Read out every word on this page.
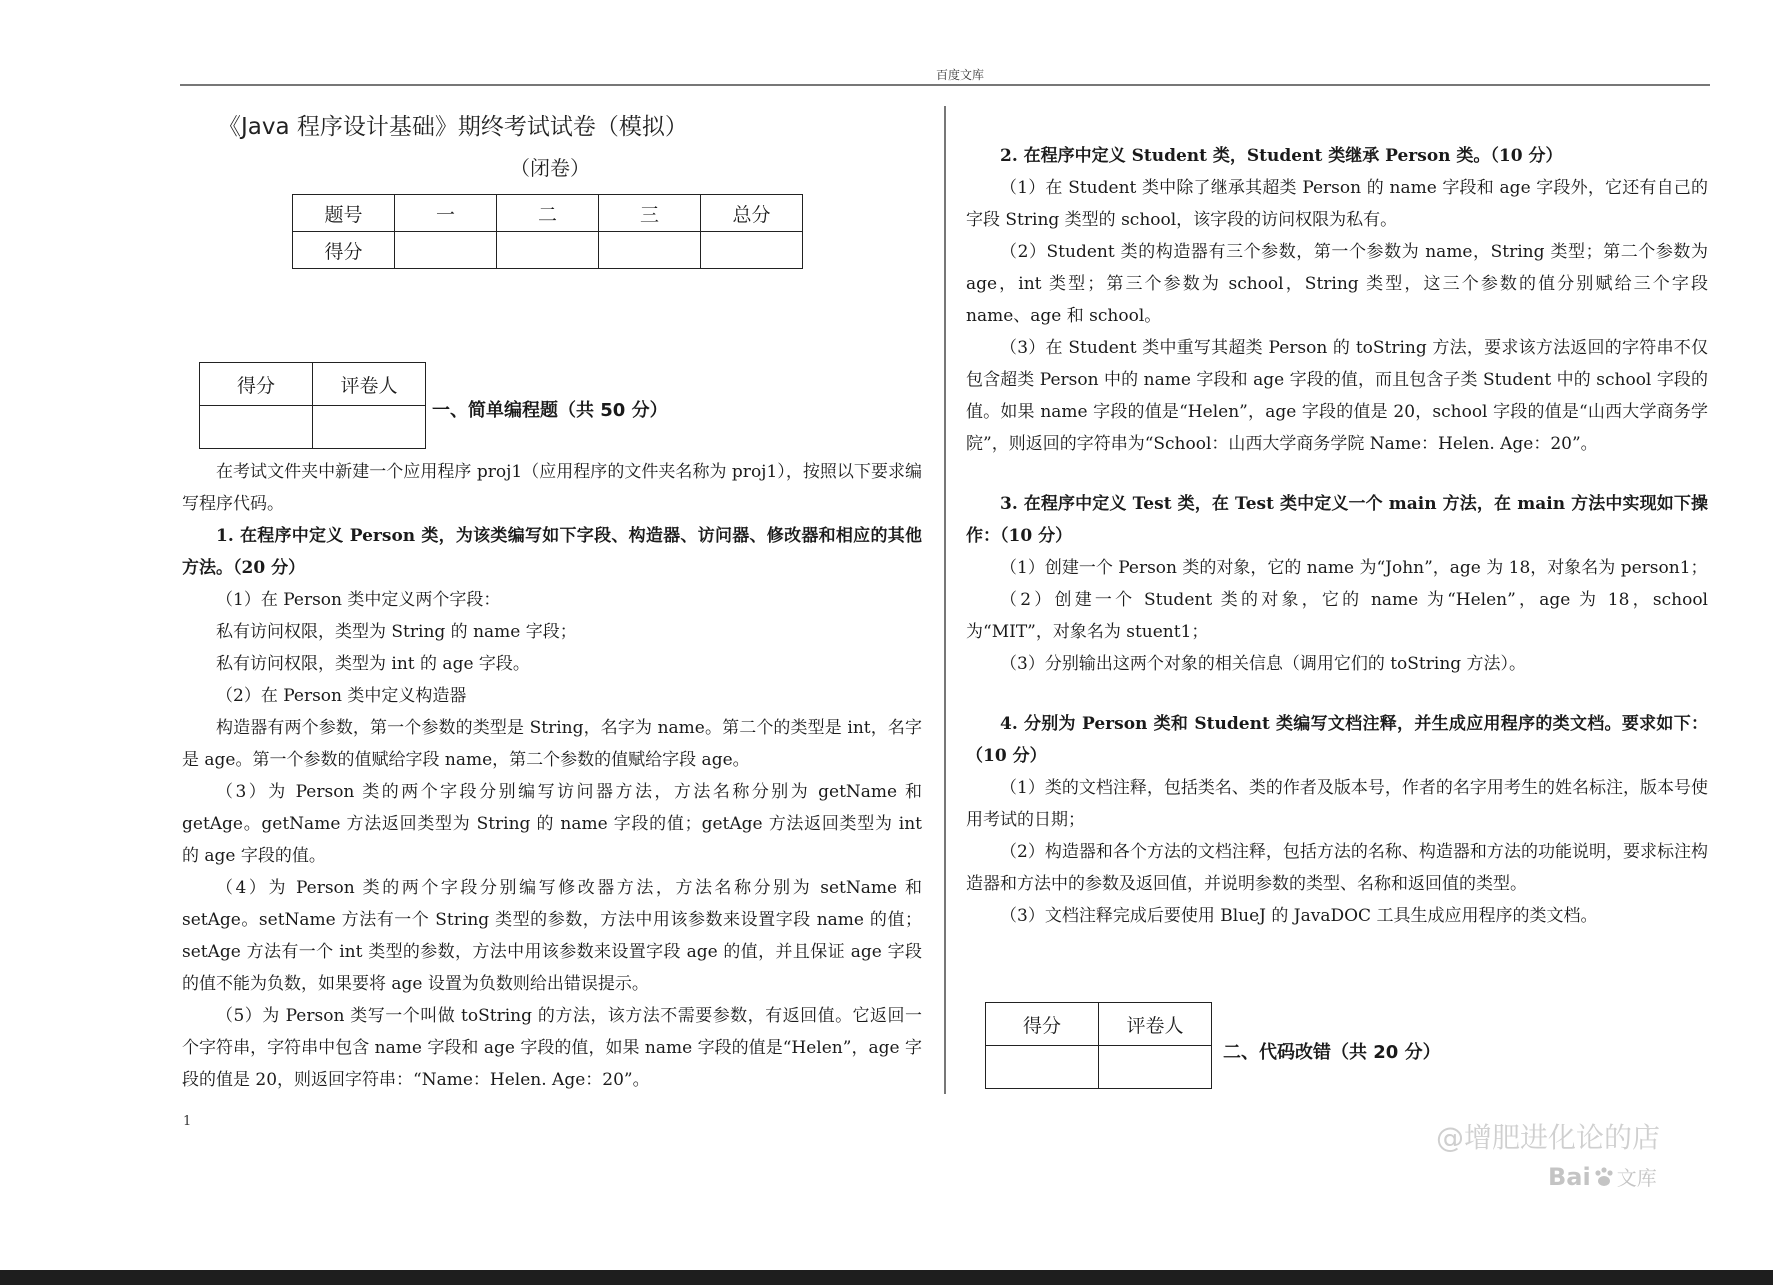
百度文库
《Java 程序设计基础》期终考试试卷（模拟）
（闭卷）
题号	一	二	三	总分
得分				
得分	评卷人

一、简单编程题（共 50 分）

在考试文件夹中新建一个应用程序 proj1（应用程序的文件夹名称为 proj1），按照以下要求编写程序代码。

1. 在程序中定义 Person 类，为该类编写如下字段、构造器、访问器、修改器和相应的其他方法。（20 分）

（1）在 Person 类中定义两个字段：

私有访问权限，类型为 String 的 name 字段；

私有访问权限，类型为 int 的 age 字段。

（2）在 Person 类中定义构造器

构造器有两个参数，第一个参数的类型是 String，名字为 name。第二个的类型是 int，名字是 age。第一个参数的值赋给字段 name，第二个参数的值赋给字段 age。

（3）为 Person 类的两个字段分别编写访问器方法，方法名称分别为 getName 和 getAge。getName 方法返回类型为 String 的 name 字段的值；getAge 方法返回类型为 int 的 age 字段的值。

（4）为 Person 类的两个字段分别编写修改器方法，方法名称分别为 setName 和 setAge。setName 方法有一个 String 类型的参数，方法中用该参数来设置字段 name 的值；setAge 方法有一个 int 类型的参数，方法中用该参数来设置字段 age 的值，并且保证 age 字段的值不能为负数，如果要将 age 设置为负数则给出错误提示。

（5）为 Person 类写一个叫做 toString 的方法，该方法不需要参数，有返回值。它返回一个字符串，字符串中包含 name 字段和 age 字段的值，如果 name 字段的值是“Helen”，age 字段的值是 20，则返回字符串：“Name：Helen. Age：20”。

2. 在程序中定义 Student 类，Student 类继承 Person 类。（10 分）

（1）在 Student 类中除了继承其超类 Person 的 name 字段和 age 字段外，它还有自己的字段 String 类型的 school，该字段的访问权限为私有。

（2）Student 类的构造器有三个参数，第一个参数为 name，String 类型；第二个参数为 age，int 类型；第三个参数为 school，String 类型，这三个参数的值分别赋给三个字段 name、age 和 school。

（3）在 Student 类中重写其超类 Person 的 toString 方法，要求该方法返回的字符串不仅包含超类 Person 中的 name 字段和 age 字段的值，而且包含子类 Student 中的 school 字段的值。如果 name 字段的值是“Helen”，age 字段的值是 20，school 字段的值是“山西大学商务学院”，则返回的字符串为“School：山西大学商务学院 Name：Helen. Age：20”。

3. 在程序中定义 Test 类，在 Test 类中定义一个 main 方法，在 main 方法中实现如下操作：（10 分）

（1）创建一个 Person 类的对象，它的 name 为“John”，age 为 18，对象名为 person1；

（2）创建一个 Student 类的对象，它的 name 为“Helen”，age 为 18，school 为“MIT”，对象名为 stuent1；

（3）分别输出这两个对象的相关信息（调用它们的 toString 方法）。

4. 分别为 Person 类和 Student 类编写文档注释，并生成应用程序的类文档。要求如下：（10 分）

（1）类的文档注释，包括类名、类的作者及版本号，作者的名字用考生的姓名标注，版本号使用考试的日期；

（2）构造器和各个方法的文档注释，包括方法的名称、构造器和方法的功能说明，要求标注构造器和方法中的参数及返回值，并说明参数的类型、名称和返回值的类型。

（3）文档注释完成后要使用 BlueJ 的 JavaDOC 工具生成应用程序的类文档。

得分	评卷人

二、代码改错（共 20 分）
1	@增肥进化论的店
Bai 文库
